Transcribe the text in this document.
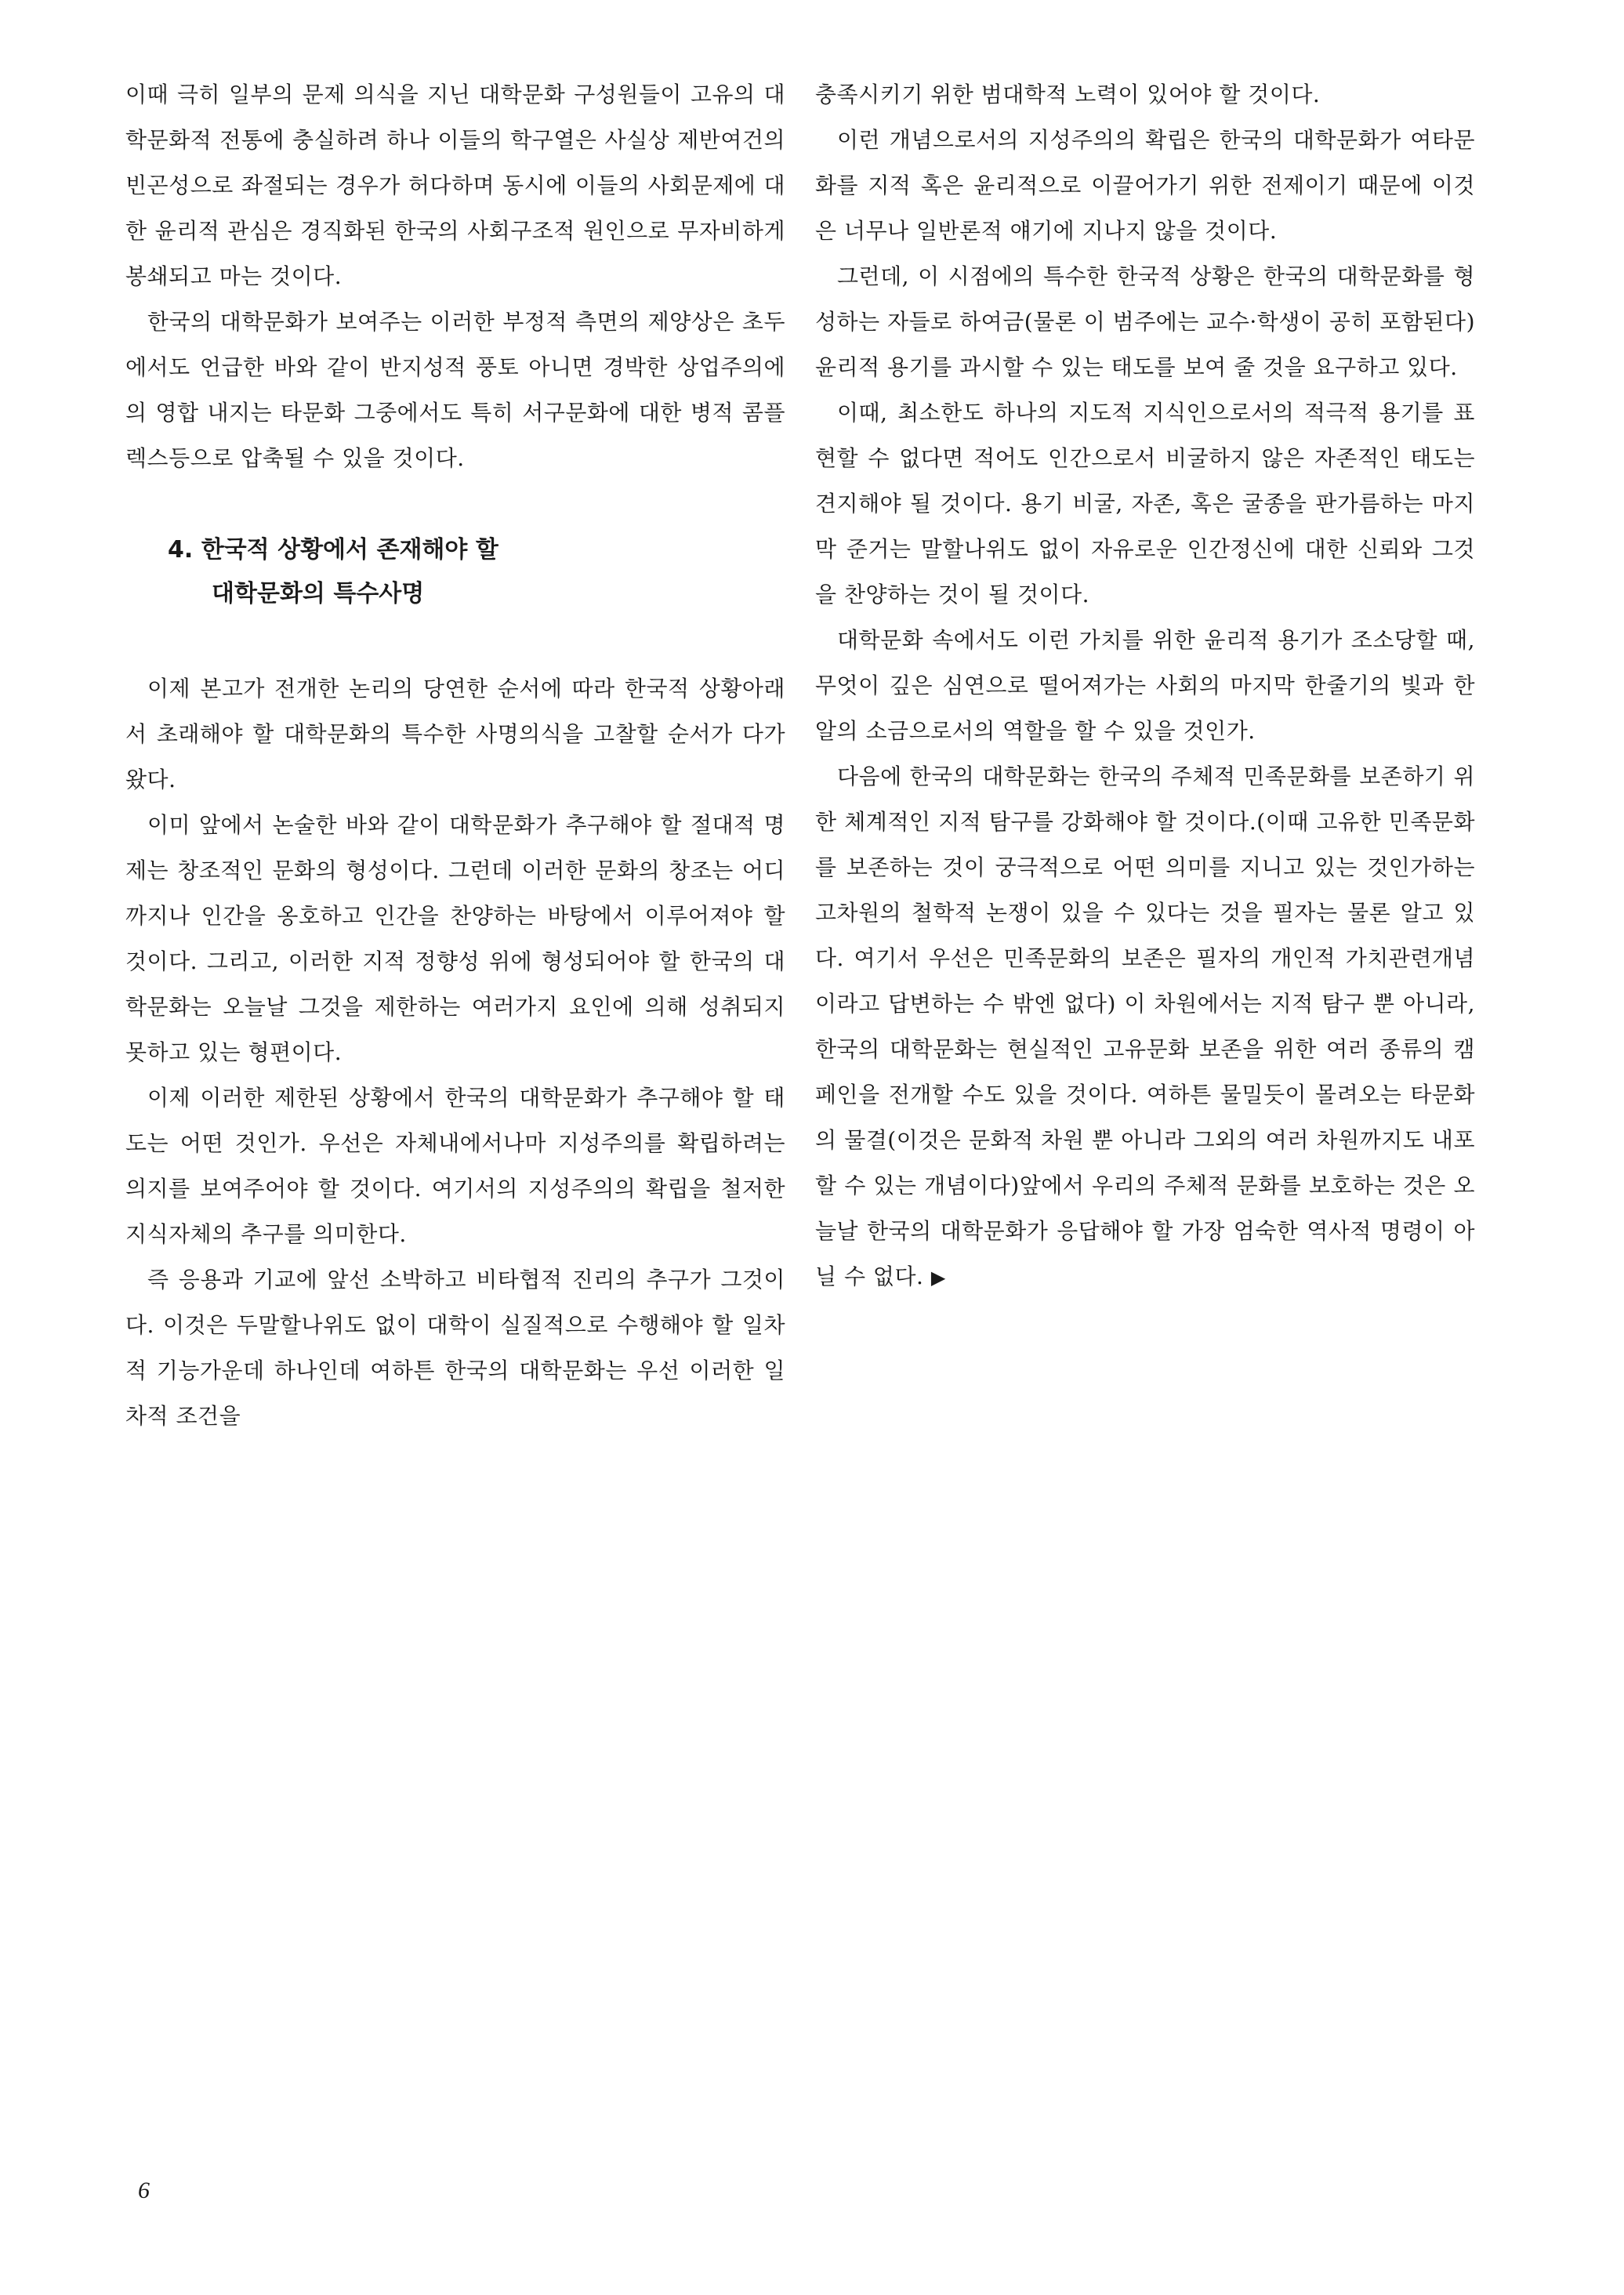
이때 극히 일부의 문제 의식을 지닌 대학문화 구성원들이 고유의 대학문화적 전통에 충실하려 하나 이들의 학구열은 사실상 제반여건의 빈곤성으로 좌절되는 경우가 허다하며 동시에 이들의 사회문제에 대한 윤리적 관심은 경직화된 한국의 사회구조적 원인으로 무자비하게 봉쇄되고 마는 것이다.

한국의 대학문화가 보여주는 이러한 부정적 측면의 제양상은 초두에서도 언급한 바와 같이 반지성적 풍토 아니면 경박한 상업주의에의 영합 내지는 타문화 그중에서도 특히 서구문화에 대한 병적 콤플렉스등으로 압축될 수 있을 것이다.

4. 한국적 상황에서 존재해야 할
대학문화의 특수사명

이제 본고가 전개한 논리의 당연한 순서에 따라 한국적 상황아래서 초래해야 할 대학문화의 특수한 사명의식을 고찰할 순서가 다가왔다.

이미 앞에서 논술한 바와 같이 대학문화가 추구해야 할 절대적 명제는 창조적인 문화의 형성이다. 그런데 이러한 문화의 창조는 어디까지나 인간을 옹호하고 인간을 찬양하는 바탕에서 이루어져야 할 것이다. 그리고, 이러한 지적 정향성 위에 형성되어야 할 한국의 대학문화는 오늘날 그것을 제한하는 여러가지 요인에 의해 성취되지 못하고 있는 형편이다.

이제 이러한 제한된 상황에서 한국의 대학문화가 추구해야 할 태도는 어떤 것인가. 우선은 자체내에서나마 지성주의를 확립하려는 의지를 보여주어야 할 것이다. 여기서의 지성주의의 확립을 철저한 지식자체의 추구를 의미한다.

즉 응용과 기교에 앞선 소박하고 비타협적 진리의 추구가 그것이다. 이것은 두말할나위도 없이 대학이 실질적으로 수행해야 할 일차적 기능가운데 하나인데 여하튼 한국의 대학문화는 우선 이러한 일차적 조건을

충족시키기 위한 범대학적 노력이 있어야 할 것이다.

이런 개념으로서의 지성주의의 확립은 한국의 대학문화가 여타문화를 지적 혹은 윤리적으로 이끌어가기 위한 전제이기 때문에 이것은 너무나 일반론적 얘기에 지나지 않을 것이다.

그런데, 이 시점에의 특수한 한국적 상황은 한국의 대학문화를 형성하는 자들로 하여금(물론 이 범주에는 교수·학생이 공히 포함된다)윤리적 용기를 과시할 수 있는 태도를 보여 줄 것을 요구하고 있다.

이때, 최소한도 하나의 지도적 지식인으로서의 적극적 용기를 표현할 수 없다면 적어도 인간으로서 비굴하지 않은 자존적인 태도는 견지해야 될 것이다. 용기 비굴, 자존, 혹은 굴종을 판가름하는 마지막 준거는 말할나위도 없이 자유로운 인간정신에 대한 신뢰와 그것을 찬양하는 것이 될 것이다.

대학문화 속에서도 이런 가치를 위한 윤리적 용기가 조소당할 때, 무엇이 깊은 심연으로 떨어져가는 사회의 마지막 한줄기의 빛과 한알의 소금으로서의 역할을 할 수 있을 것인가.

다음에 한국의 대학문화는 한국의 주체적 민족문화를 보존하기 위한 체계적인 지적 탐구를 강화해야 할 것이다.(이때 고유한 민족문화를 보존하는 것이 궁극적으로 어떤 의미를 지니고 있는 것인가하는 고차원의 철학적 논쟁이 있을 수 있다는 것을 필자는 물론 알고 있다. 여기서 우선은 민족문화의 보존은 필자의 개인적 가치관련개념이라고 답변하는 수 밖엔 없다) 이 차원에서는 지적 탐구 뿐 아니라, 한국의 대학문화는 현실적인 고유문화 보존을 위한 여러 종류의 캠페인을 전개할 수도 있을 것이다. 여하튼 물밀듯이 몰려오는 타문화의 물결(이것은 문화적 차원 뿐 아니라 그외의 여러 차원까지도 내포할 수 있는 개념이다)앞에서 우리의 주체적 문화를 보호하는 것은 오늘날 한국의 대학문화가 응답해야 할 가장 엄숙한 역사적 명령이 아닐 수 없다. ▶

6
